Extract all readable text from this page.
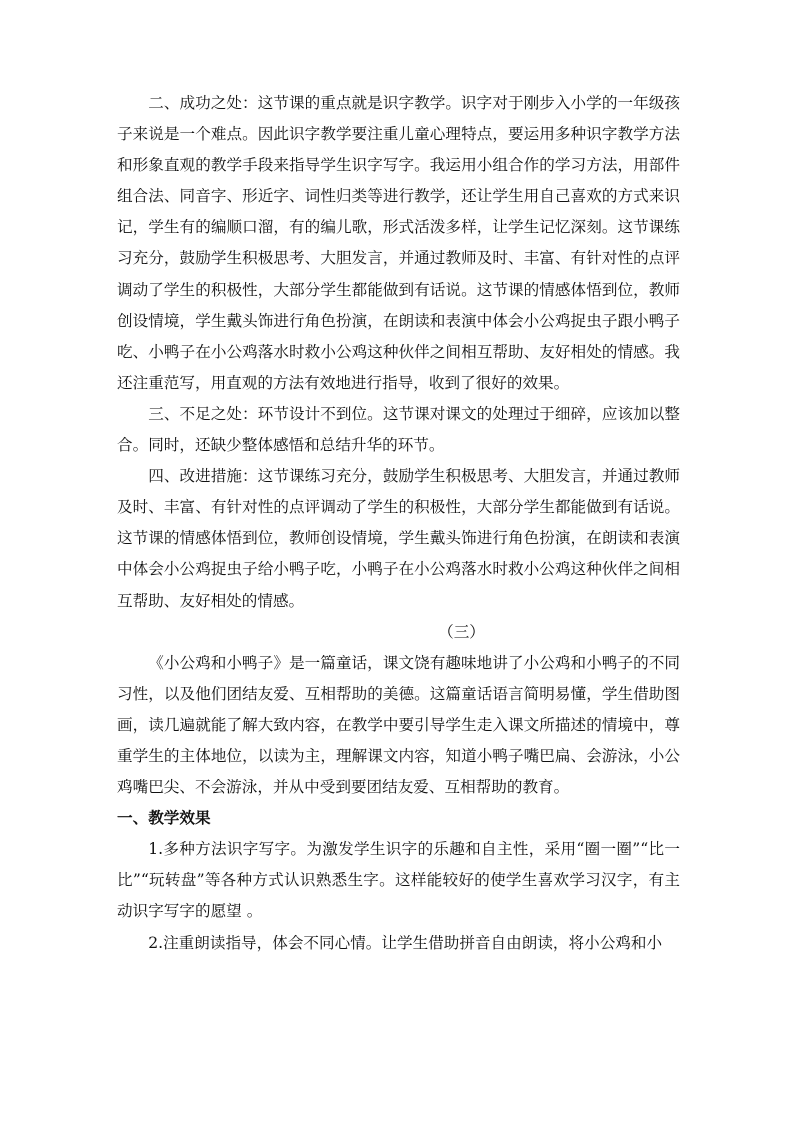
二、成功之处：这节课的重点就是识字教学。识字对于刚步入小学的一年级孩子来说是一个难点。因此识字教学要注重儿童心理特点，要运用多种识字教学方法和形象直观的教学手段来指导学生识字写字。我运用小组合作的学习方法，用部件组合法、同音字、形近字、词性归类等进行教学，还让学生用自己喜欢的方式来识记，学生有的编顺口溜，有的编儿歌，形式活泼多样，让学生记忆深刻。这节课练习充分，鼓励学生积极思考、大胆发言，并通过教师及时、丰富、有针对性的点评调动了学生的积极性，大部分学生都能做到有话说。这节课的情感体悟到位，教师创设情境，学生戴头饰进行角色扮演，在朗读和表演中体会小公鸡捉虫子跟小鸭子吃、小鸭子在小公鸡落水时救小公鸡这种伙伴之间相互帮助、友好相处的情感。我还注重范写，用直观的方法有效地进行指导，收到了很好的效果。

三、不足之处：环节设计不到位。这节课对课文的处理过于细碎，应该加以整合。同时，还缺少整体感悟和总结升华的环节。

四、改进措施：这节课练习充分，鼓励学生积极思考、大胆发言，并通过教师及时、丰富、有针对性的点评调动了学生的积极性，大部分学生都能做到有话说。这节课的情感体悟到位，教师创设情境，学生戴头饰进行角色扮演，在朗读和表演中体会小公鸡捉虫子给小鸭子吃，小鸭子在小公鸡落水时救小公鸡这种伙伴之间相互帮助、友好相处的情感。

（三）

《小公鸡和小鸭子》是一篇童话，课文饶有趣味地讲了小公鸡和小鸭子的不同习性，以及他们团结友爱、互相帮助的美德。这篇童话语言简明易懂，学生借助图画，读几遍就能了解大致内容，在教学中要引导学生走入课文所描述的情境中，尊重学生的主体地位，以读为主，理解课文内容，知道小鸭子嘴巴扁、会游泳，小公鸡嘴巴尖、不会游泳，并从中受到要团结友爱、互相帮助的教育。

一、教学效果

1.多种方法识字写字。为激发学生识字的乐趣和自主性，采用“圈一圈”“比一比”“玩转盘”等各种方式认识熟悉生字。这样能较好的使学生喜欢学习汉字，有主动识字写字的愿望 。

2.注重朗读指导，体会不同心情。让学生借助拼音自由朗读，将小公鸡和小
